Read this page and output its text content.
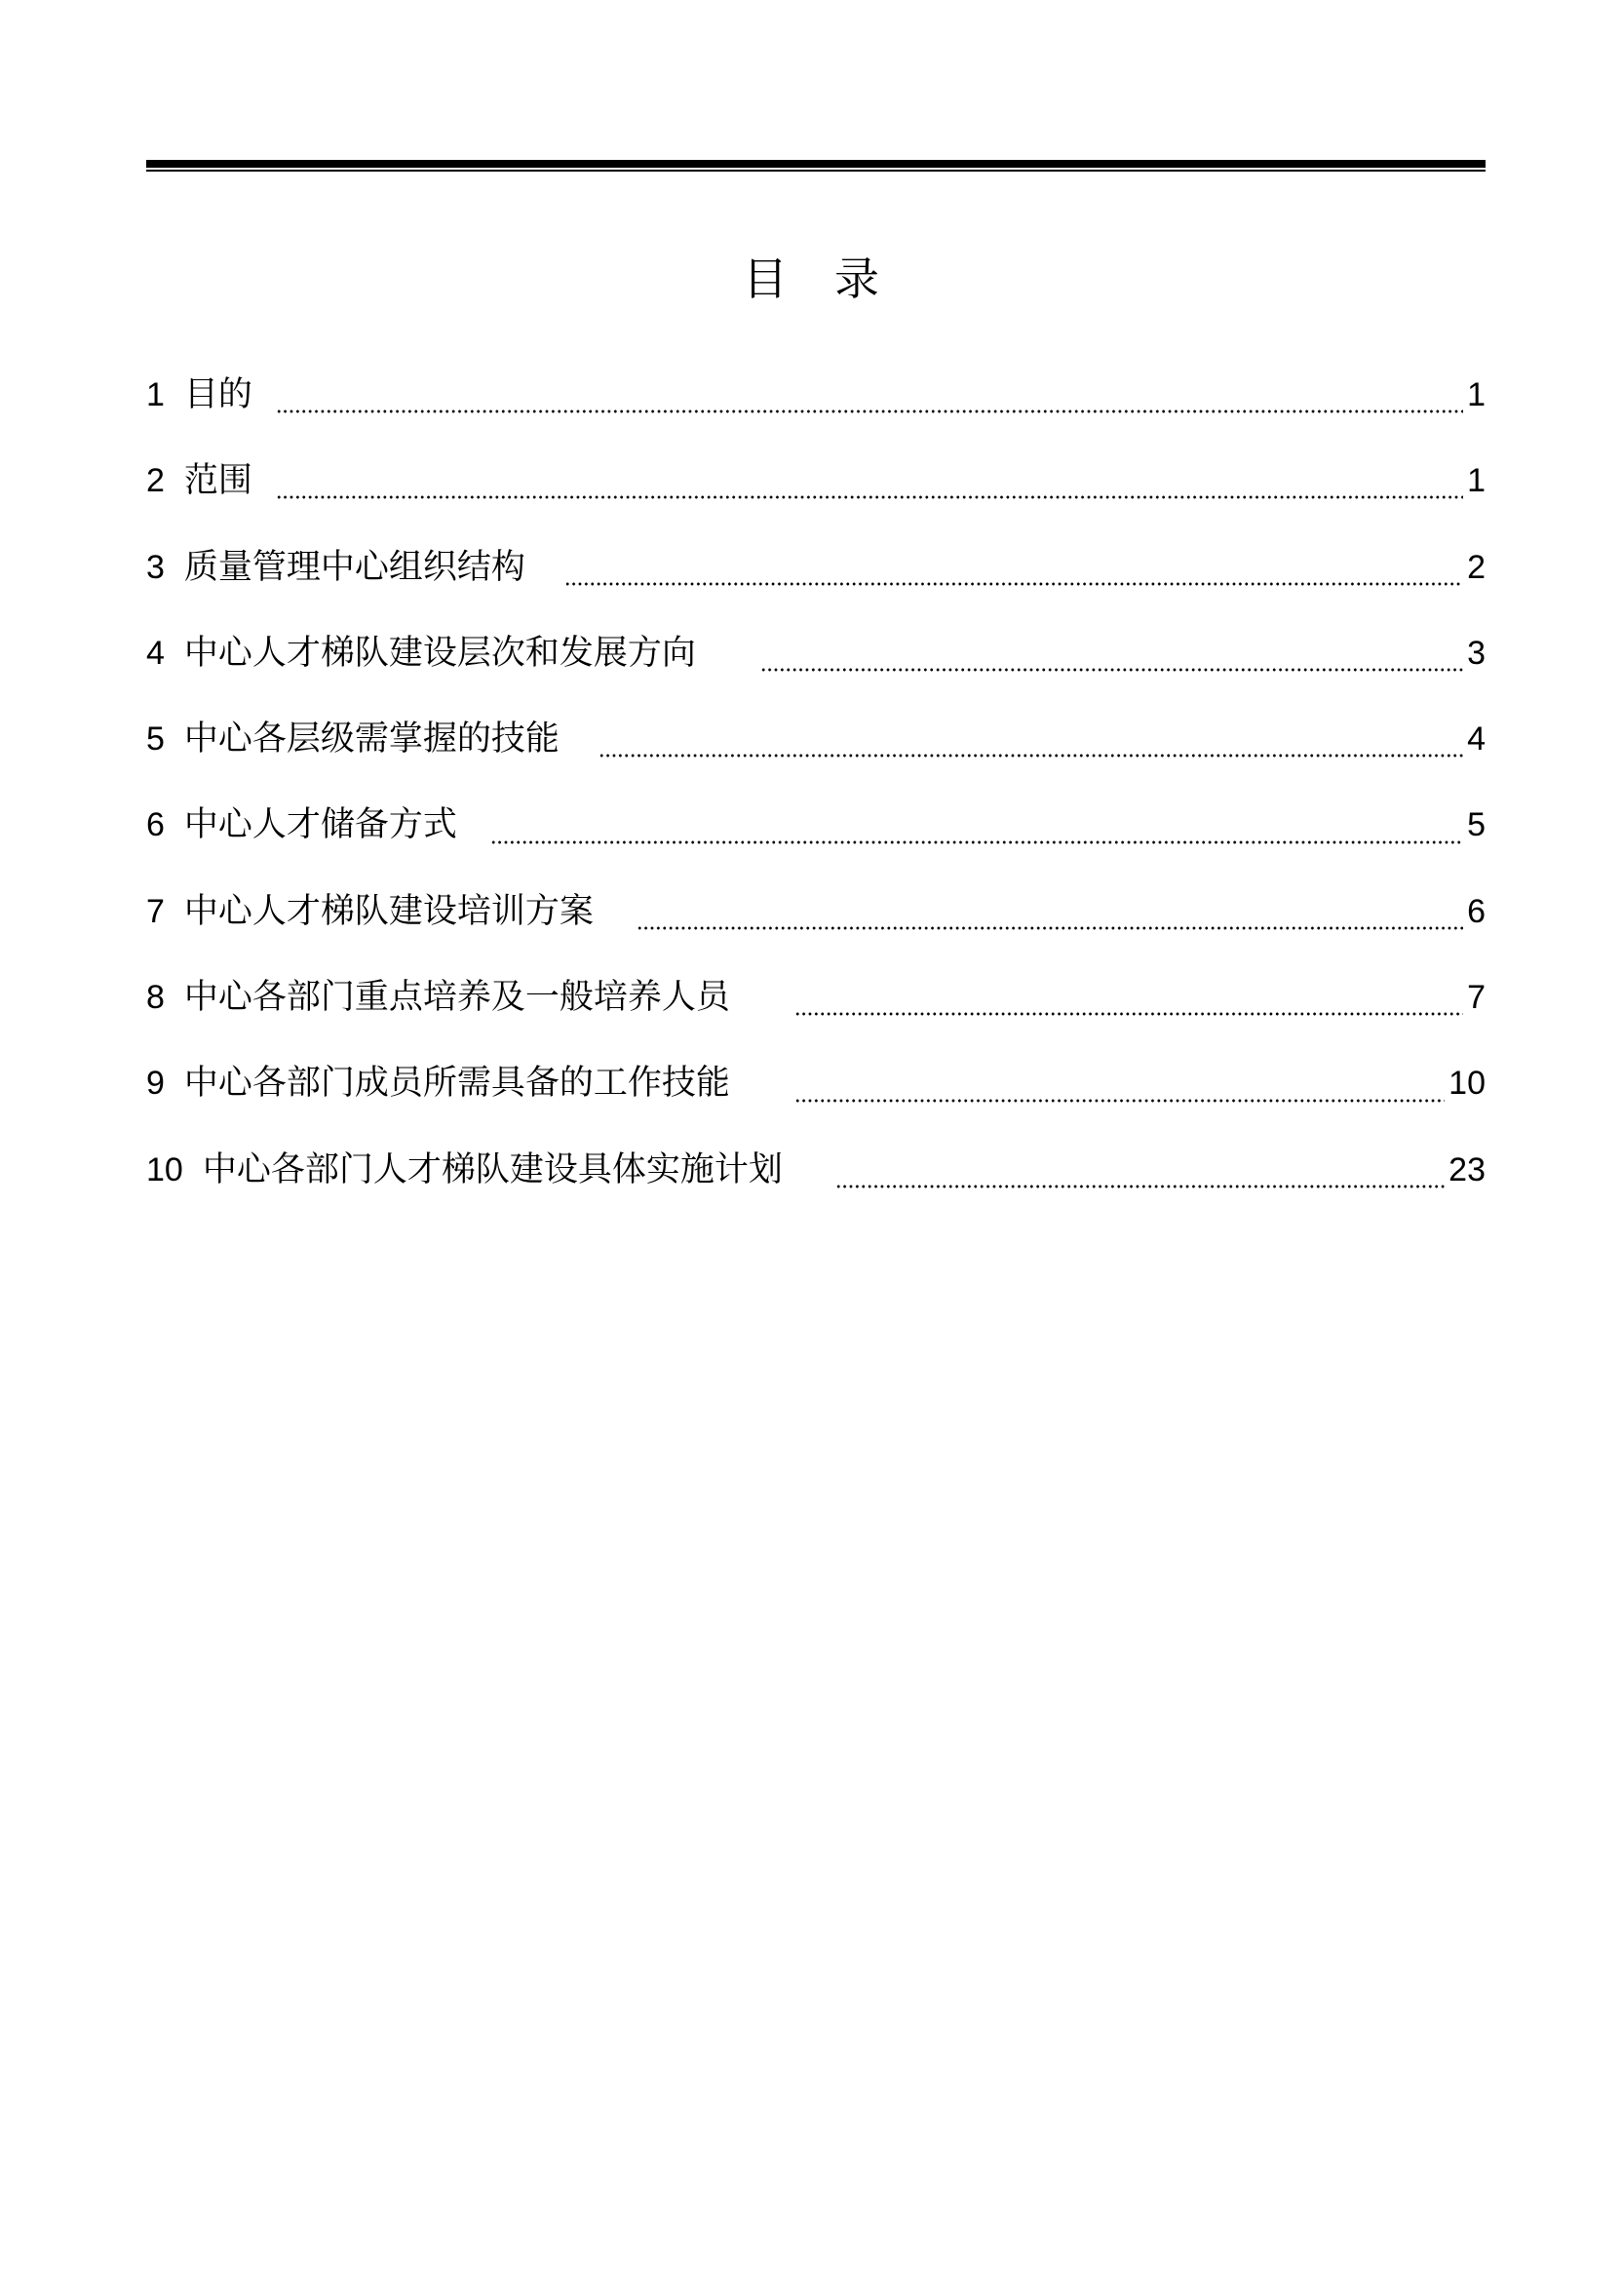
目录
1 目的	1
2 范围	1
3 质量管理中心组织结构	2
4 中心人才梯队建设层次和发展方向	3
5 中心各层级需掌握的技能	4
6 中心人才储备方式	5
7 中心人才梯队建设培训方案	6
8 中心各部门重点培养及一般培养人员	7
9 中心各部门成员所需具备的工作技能	10
10 中心各部门人才梯队建设具体实施计划	23
